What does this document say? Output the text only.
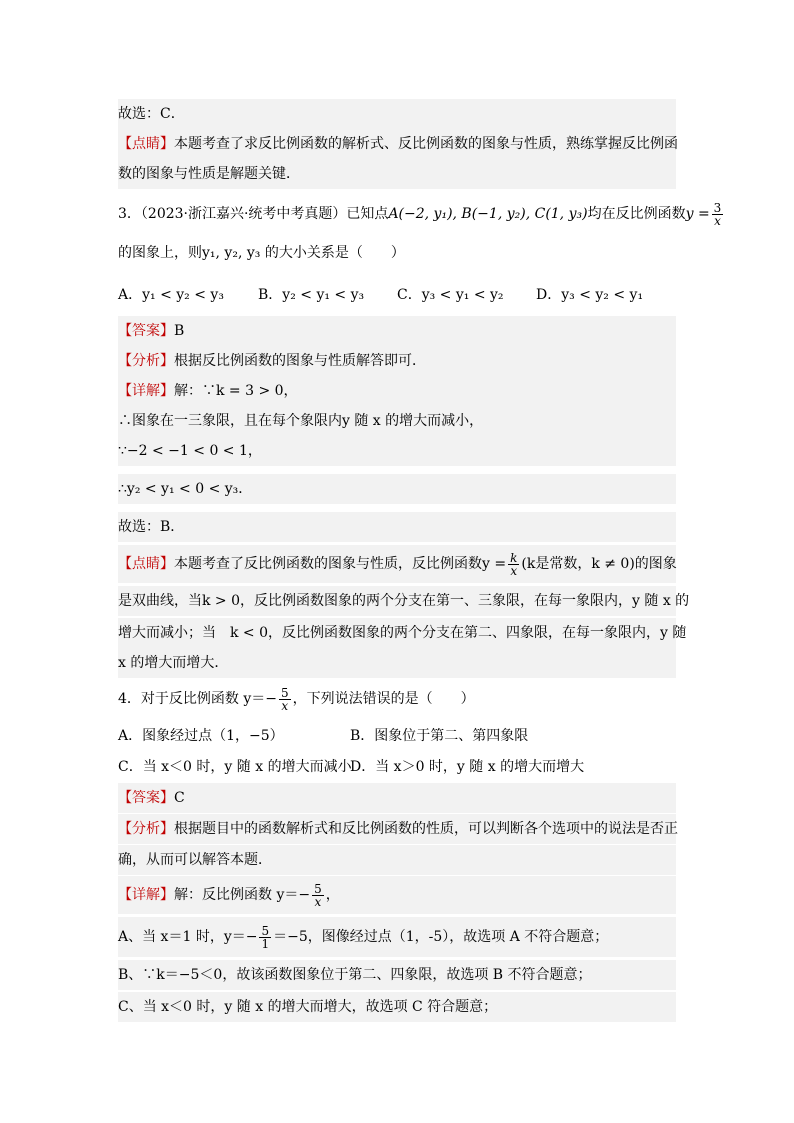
故选：C．
【点睛】本题考查了求反比例函数的解析式、反比例函数的图象与性质，熟练掌握反比例函
数的图象与性质是解题关键．
3．（2023·浙江嘉兴·统考中考真题）已知点A(−2, y₁), B(−1, y₂), C(1, y₃)均在反比例函数$y = \frac{3}{x}$
的图象上，则y₁, y₂, y₃ 的大小关系是（　　）
A．y₁ < y₂ < y₃ B．y₂ < y₁ < y₃ C．y₃ < y₁ < y₂ D．y₃ < y₂ < y₁
【答案】B
【分析】根据反比例函数的图象与性质解答即可．
【详解】解：∵k = 3 > 0，
∴图象在一三象限，且在每个象限内y 随 x 的增大而减小，
∵−2 < −1 < 0 < 1，
∴y₂ < y₁ < 0 < y₃．
故选：B．
【点睛】本题考查了反比例函数的图象与性质，反比例函数$y = \frac{k}{x} (k$是常数，k ≠ 0)的图象
是双曲线，当k > 0，反比例函数图象的两个分支在第一、三象限，在每一象限内，y 随 x 的
增大而减小；当　k < 0，反比例函数图象的两个分支在第二、四象限，在每一象限内，y 随
x 的增大而增大．
4．对于反比例函数 $y=- \frac{5}{x}$ ，下列说法错误的是（　　）
A．图象经过点（1，−5）	B．图象位于第二、第四象限
C．当 x＜0 时，y 随 x 的增大而减小
D．当 x＞0 时，y 随 x 的增大而增大
【答案】C
【分析】根据题目中的函数解析式和反比例函数的性质，可以判断各个选项中的说法是否正
确，从而可以解答本题．
【详解】解：反比例函数 $y=- \frac{5}{x}$ ，
A、当 x＝1 时，$y=- \frac{5}{1} =-5$，图像经过点（1，-5），故选项 A 不符合题意；
B、∵k＝−5＜0，故该函数图象位于第二、四象限，故选项 B 不符合题意；
C、当 x＜0 时，y 随 x 的增大而增大，故选项 C 符合题意；
